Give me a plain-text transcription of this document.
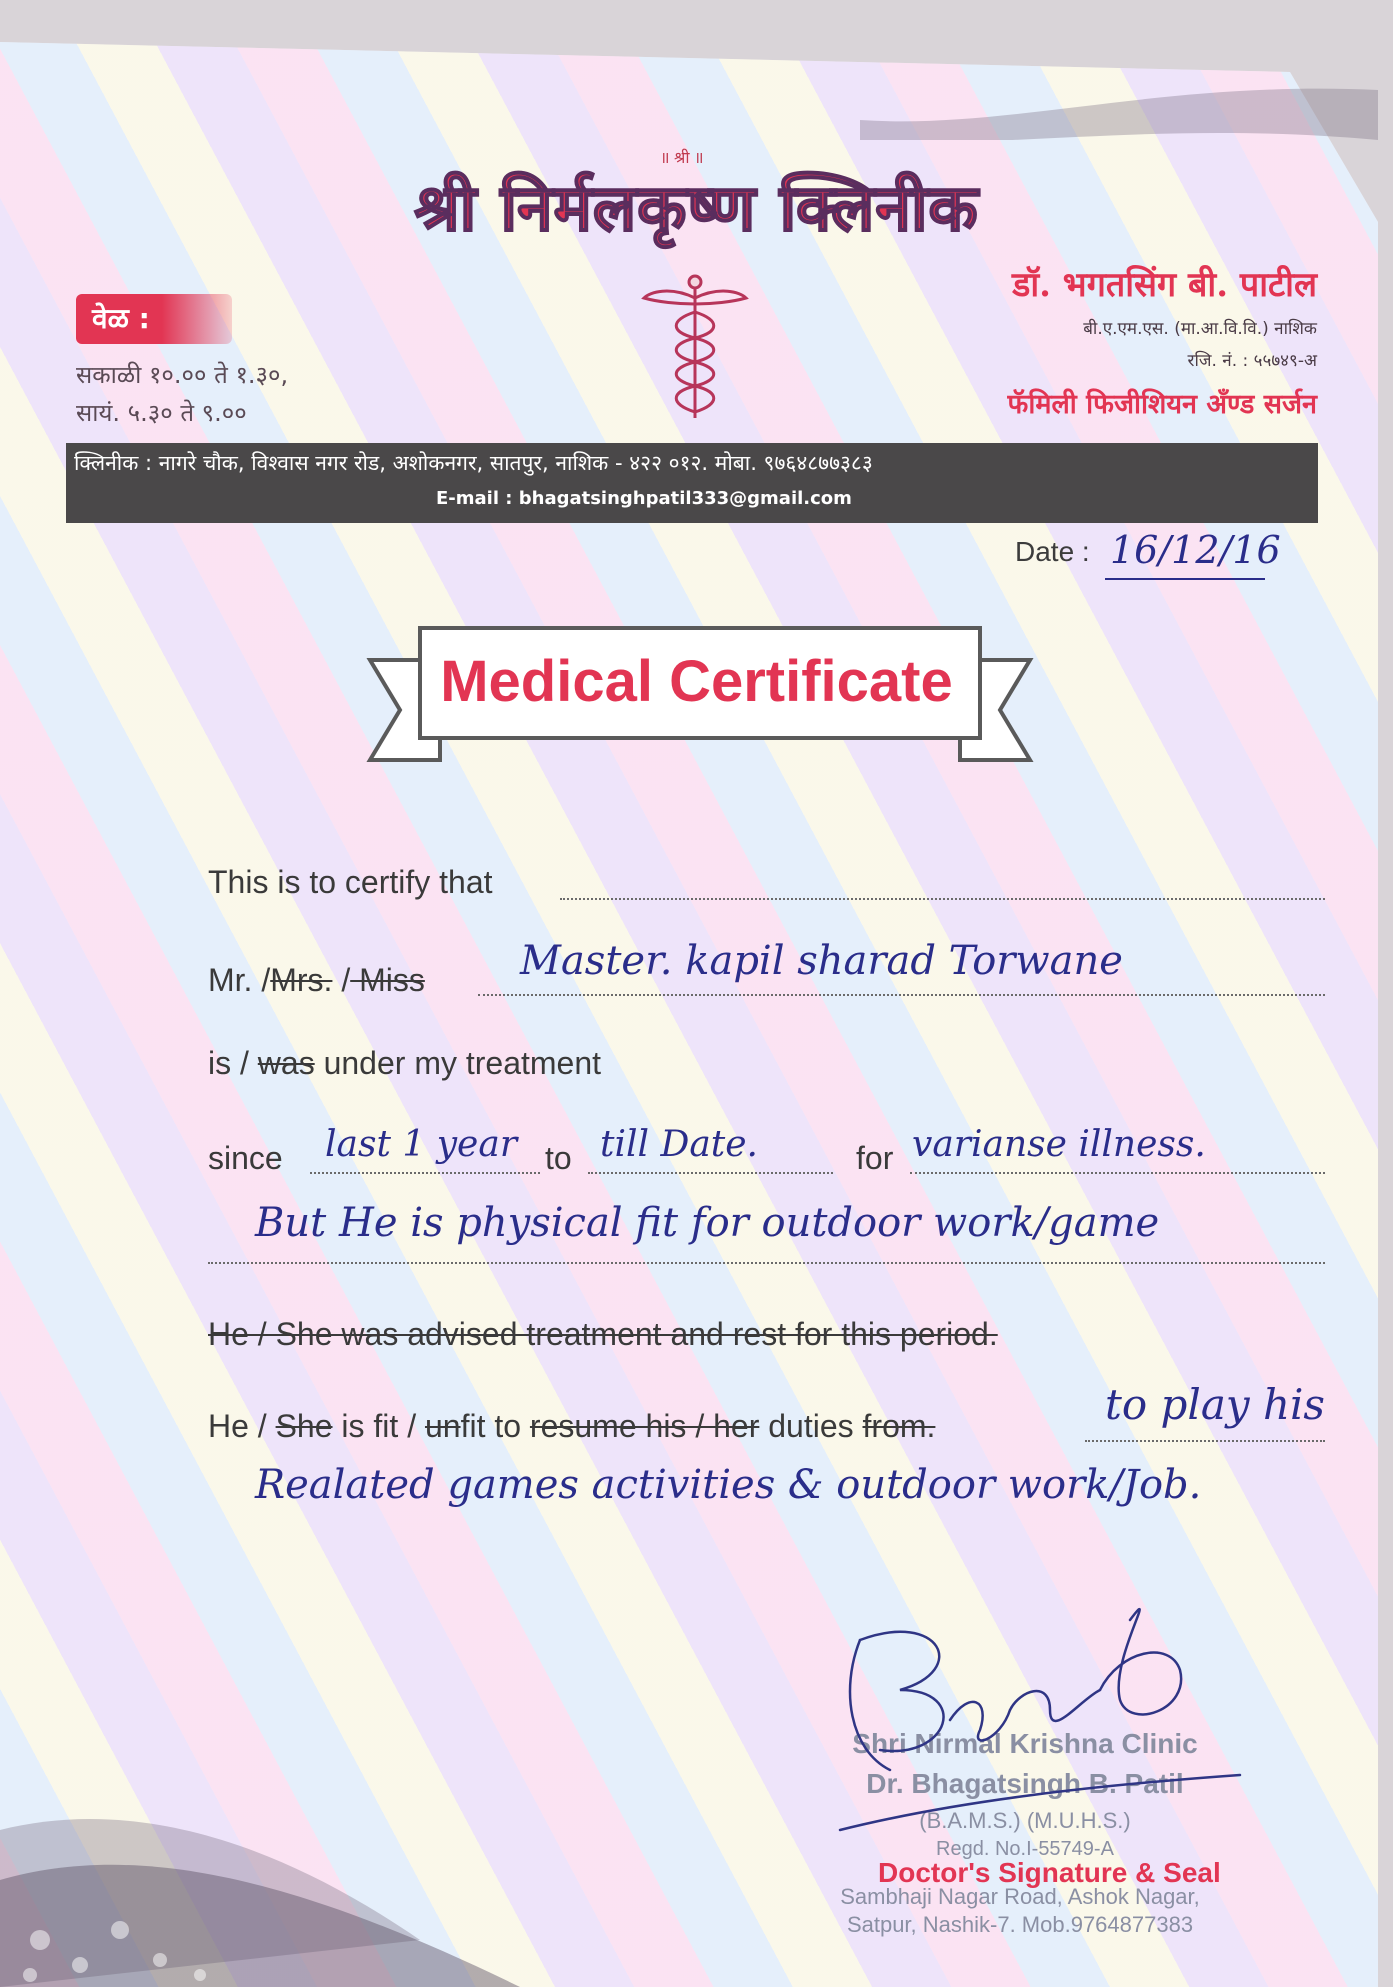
॥ श्री ॥
श्री निर्मलकृष्ण क्लिनीक
वेळ :
सकाळी १०.०० ते १.३०,
सायं. ५.३० ते ९.००
डॉ. भगतसिंग बी. पाटील
बी.ए.एम.एस. (मा.आ.वि.वि.) नाशिक
रजि. नं. : ५५७४९-अ
फॅमिली फिजीशियन अँण्ड सर्जन
क्लिनीक : नागरे चौक, विश्वास नगर रोड, अशोकनगर, सातपुर, नाशिक - ४२२ ०१२. मोबा. ९७६४८७७३८३
E-mail : bhagatsinghpatil333@gmail.com
Date : 16/12/16
Medical Certificate
This is to certify that
Mr. /Mrs. / Miss Master. kapil sharad Torwane
is / was under my treatment
since last 1 year to till Date.	for varianse illness.
But He is physical fit for outdoor work/game
He / She was advised treatment and rest for this period.
He / She is fit / unfit to resume his / her duties from.	to play his
Realated games activities & outdoor work/Job.
Shri Nirmal Krishna Clinic
Dr. Bhagatsingh B. Patil
(B.A.M.S.) (M.U.H.S.)
Regd. No.I-55749-A
Sambhaji Nagar Road, Ashok Nagar,
Satpur, Nashik-7. Mob.9764877383
Doctor's Signature & Seal
